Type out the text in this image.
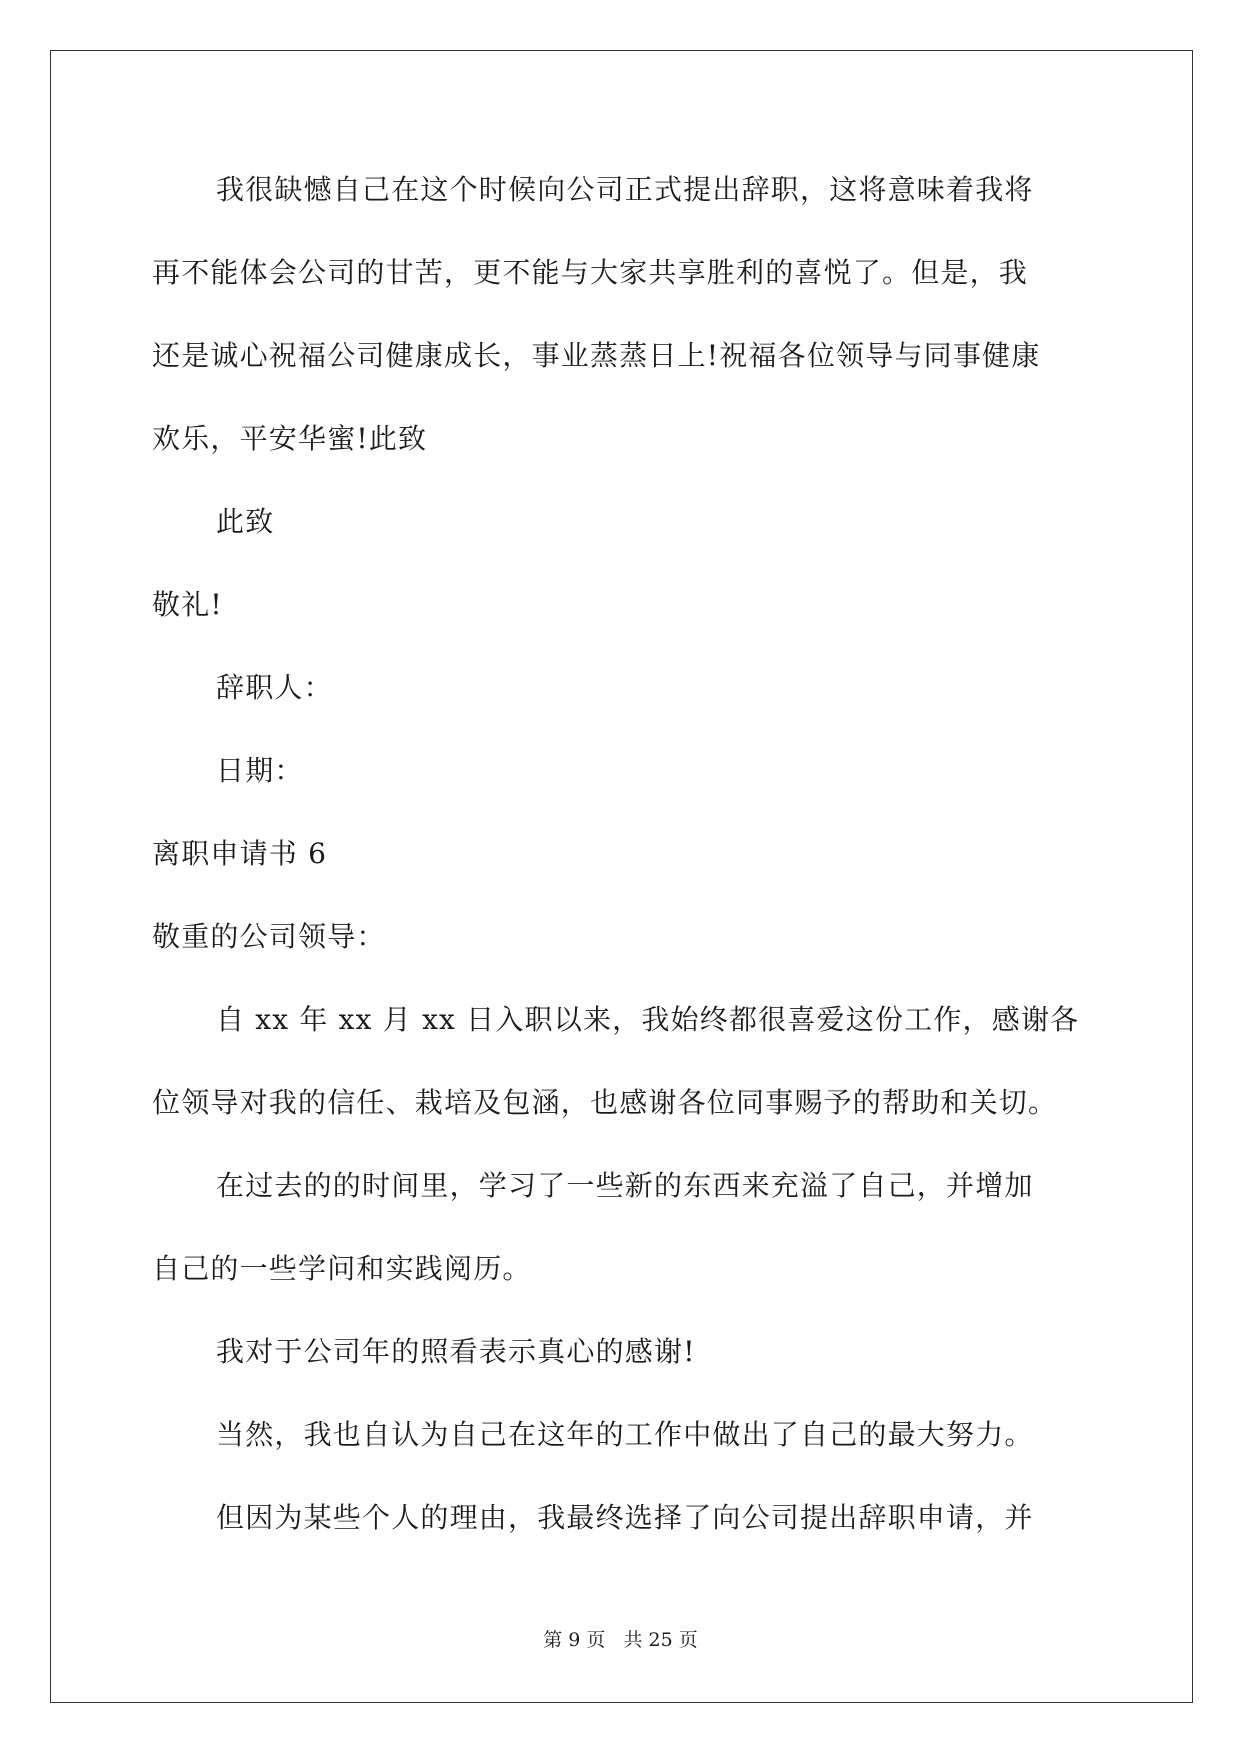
我很缺憾自己在这个时候向公司正式提出辞职，这将意味着我将
再不能体会公司的甘苦，更不能与大家共享胜利的喜悦了。但是，我
还是诚心祝福公司健康成长，事业蒸蒸日上!祝福各位领导与同事健康
欢乐，平安华蜜!此致
此致
敬礼!
辞职人：
日期：
离职申请书 6
敬重的公司领导：
自 xx 年 xx 月 xx 日入职以来，我始终都很喜爱这份工作，感谢各
位领导对我的信任、栽培及包涵，也感谢各位同事赐予的帮助和关切。
在过去的的时间里，学习了一些新的东西来充溢了自己，并增加
自己的一些学问和实践阅历。
我对于公司年的照看表示真心的感谢!
当然，我也自认为自己在这年的工作中做出了自己的最大努力。
但因为某些个人的理由，我最终选择了向公司提出辞职申请，并
第 9 页 共 25 页
